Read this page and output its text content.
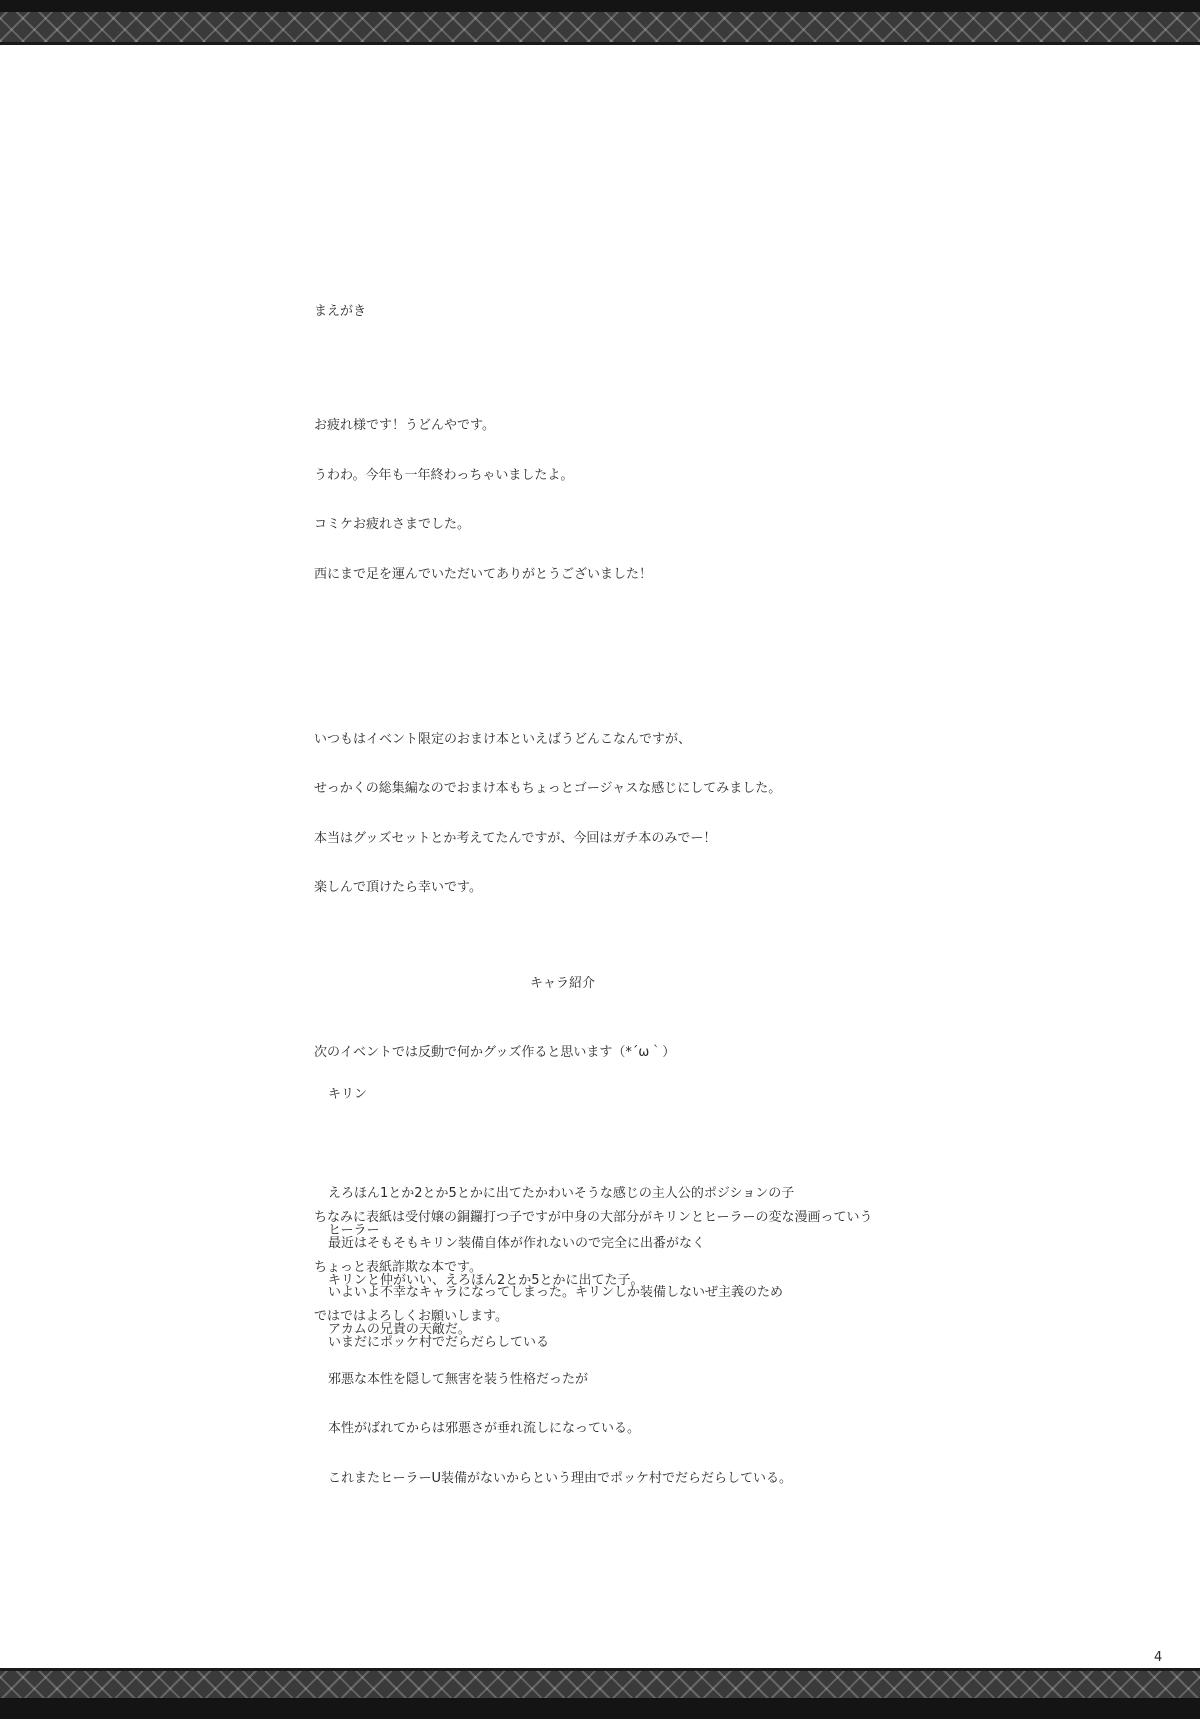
まえがき

お疲れ様です！うどんやです。

うわわ。今年も一年終わっちゃいましたよ。

コミケお疲れさまでした。

西にまで足を運んでいただいてありがとうございました！

いつもはイベント限定のおまけ本といえばうどんこなんですが、

せっかくの総集編なのでおまけ本もちょっとゴージャスな感じにしてみました。

本当はグッズセットとか考えてたんですが、今回はガチ本のみでー！

楽しんで頂けたら幸いです。

次のイベントでは反動で何かグッズ作ると思います（*´ω｀）

ちなみに表紙は受付嬢の銅鑼打つ子ですが中身の大部分がキリンとヒーラーの変な漫画っていう

ちょっと表紙詐欺な本です。

ではではよろしくお願いします。

キャラ紹介

キリン

えろほん1とか2とか5とかに出てたかわいそうな感じの主人公的ポジションの子

最近はそもそもキリン装備自体が作れないので完全に出番がなく

いよいよ不幸なキャラになってしまった。キリンしか装備しないぜ主義のため

いまだにポッケ村でだらだらしている

ヒーラー

キリンと仲がいい、えろほん2とか5とかに出てた子。

アカムの兄貴の天敵だ。

邪悪な本性を隠して無害を装う性格だったが

本性がばれてからは邪悪さが垂れ流しになっている。

これまたヒーラーU装備がないからという理由でポッケ村でだらだらしている。

4
